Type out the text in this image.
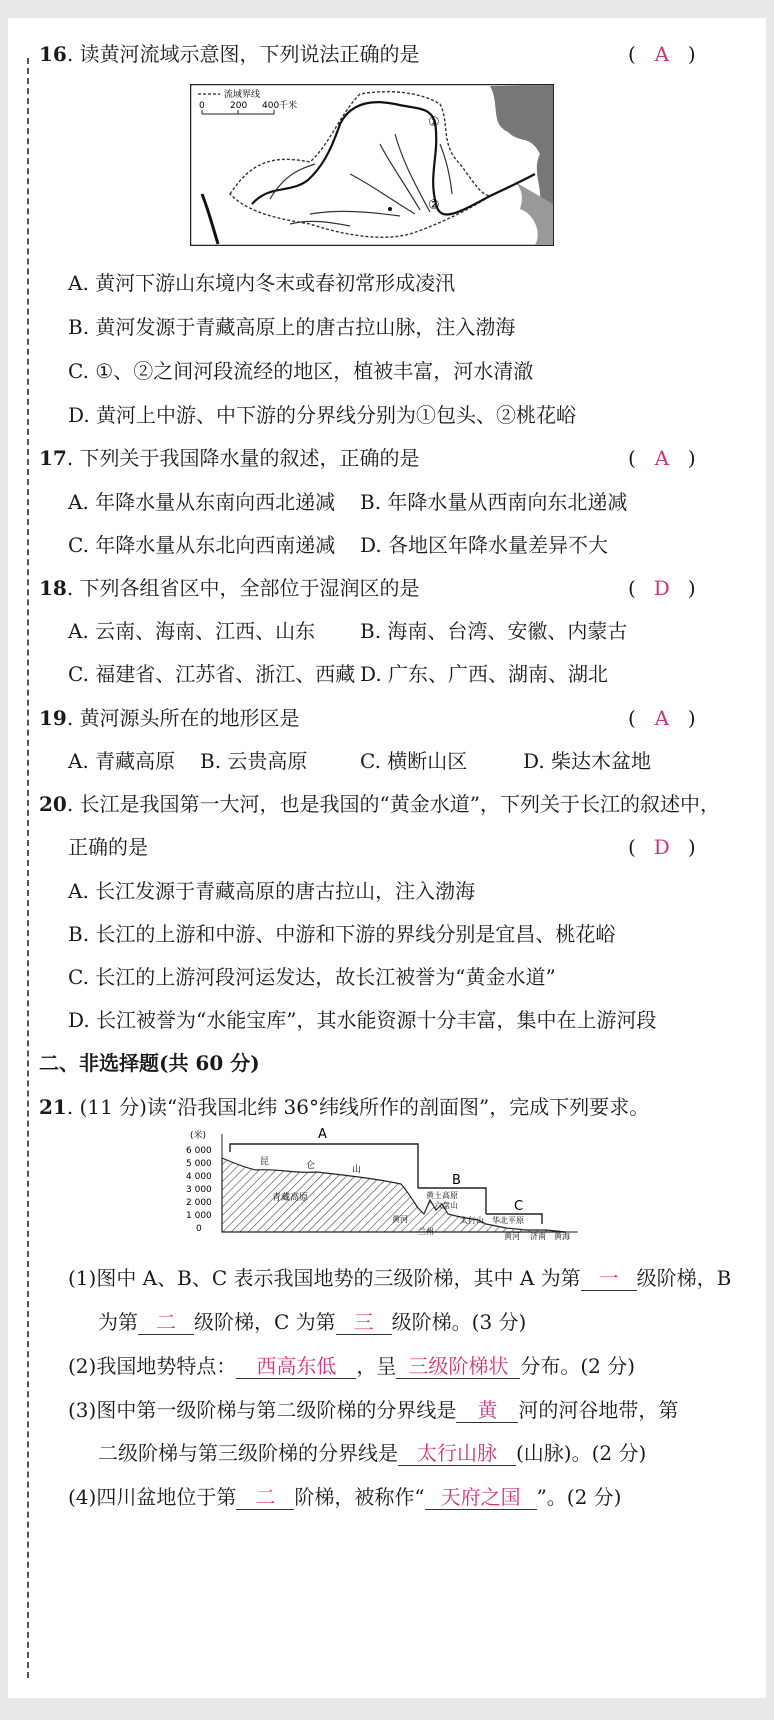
16. 读黄河流域示意图，下列说法正确的是	( A )
流域界线
0	200 400千米
①
②
A. 黄河下游山东境内冬末或春初常形成凌汛
B. 黄河发源于青藏高原上的唐古拉山脉，注入渤海
C. ①、②之间河段流经的地区，植被丰富，河水清澈
D. 黄河上中游、中下游的分界线分别为①包头、②桃花峪
17. 下列关于我国降水量的叙述，正确的是	( A )
A. 年降水量从东南向西北递减 B. 年降水量从西南向东北递减
C. 年降水量从东北向西南递减 D. 各地区年降水量差异不大
18. 下列各组省区中，全部位于湿润区的是	( D )
A. 云南、海南、江西、山东 B. 海南、台湾、安徽、内蒙古
C. 福建省、江苏省、浙江、西藏 D. 广东、广西、湖南、湖北
19. 黄河源头所在的地形区是	( A )
A. 青藏高原 B. 云贵高原	C. 横断山区	D. 柴达木盆地
20. 长江是我国第一大河，也是我国的“黄金水道”，下列关于长江的叙述中，
正确的是	( D )
A. 长江发源于青藏高原的唐古拉山，注入渤海
B. 长江的上游和中游、中游和下游的界线分别是宜昌、桃花峪
C. 长江的上游河段河运发达，故长江被誉为“黄金水道”
D. 长江被誉为“水能宝库”，其水能资源十分丰富，集中在上游河段
二、非选择题(共 60 分)
21. (11 分)读“沿我国北纬 36°纬线所作的剖面图”，完成下列要求。
(米)
6 000
5 000
4 000
3 000
2 000
1 000
0
A
B
C
昆	仑	山
青藏高原	黄土高原
六盘山
黄河
兰州
太行山 华北平原
黄河 济南 黄海
(1)图中 A、B、C 表示我国地势的三级阶梯，其中 A 为第 一 级阶梯，B
为第 二 级阶梯，C 为第 三 级阶梯。(3 分)
(2)我国地势特点： 西高东低 ，呈 三级阶梯状 分布。(2 分)
(3)图中第一级阶梯与第二级阶梯的分界线是 黄 河的河谷地带，第
二级阶梯与第三级阶梯的分界线是 太行山脉 (山脉)。(2 分)
(4)四川盆地位于第 二 阶梯，被称作“ 天府之国 ”。(2 分)
